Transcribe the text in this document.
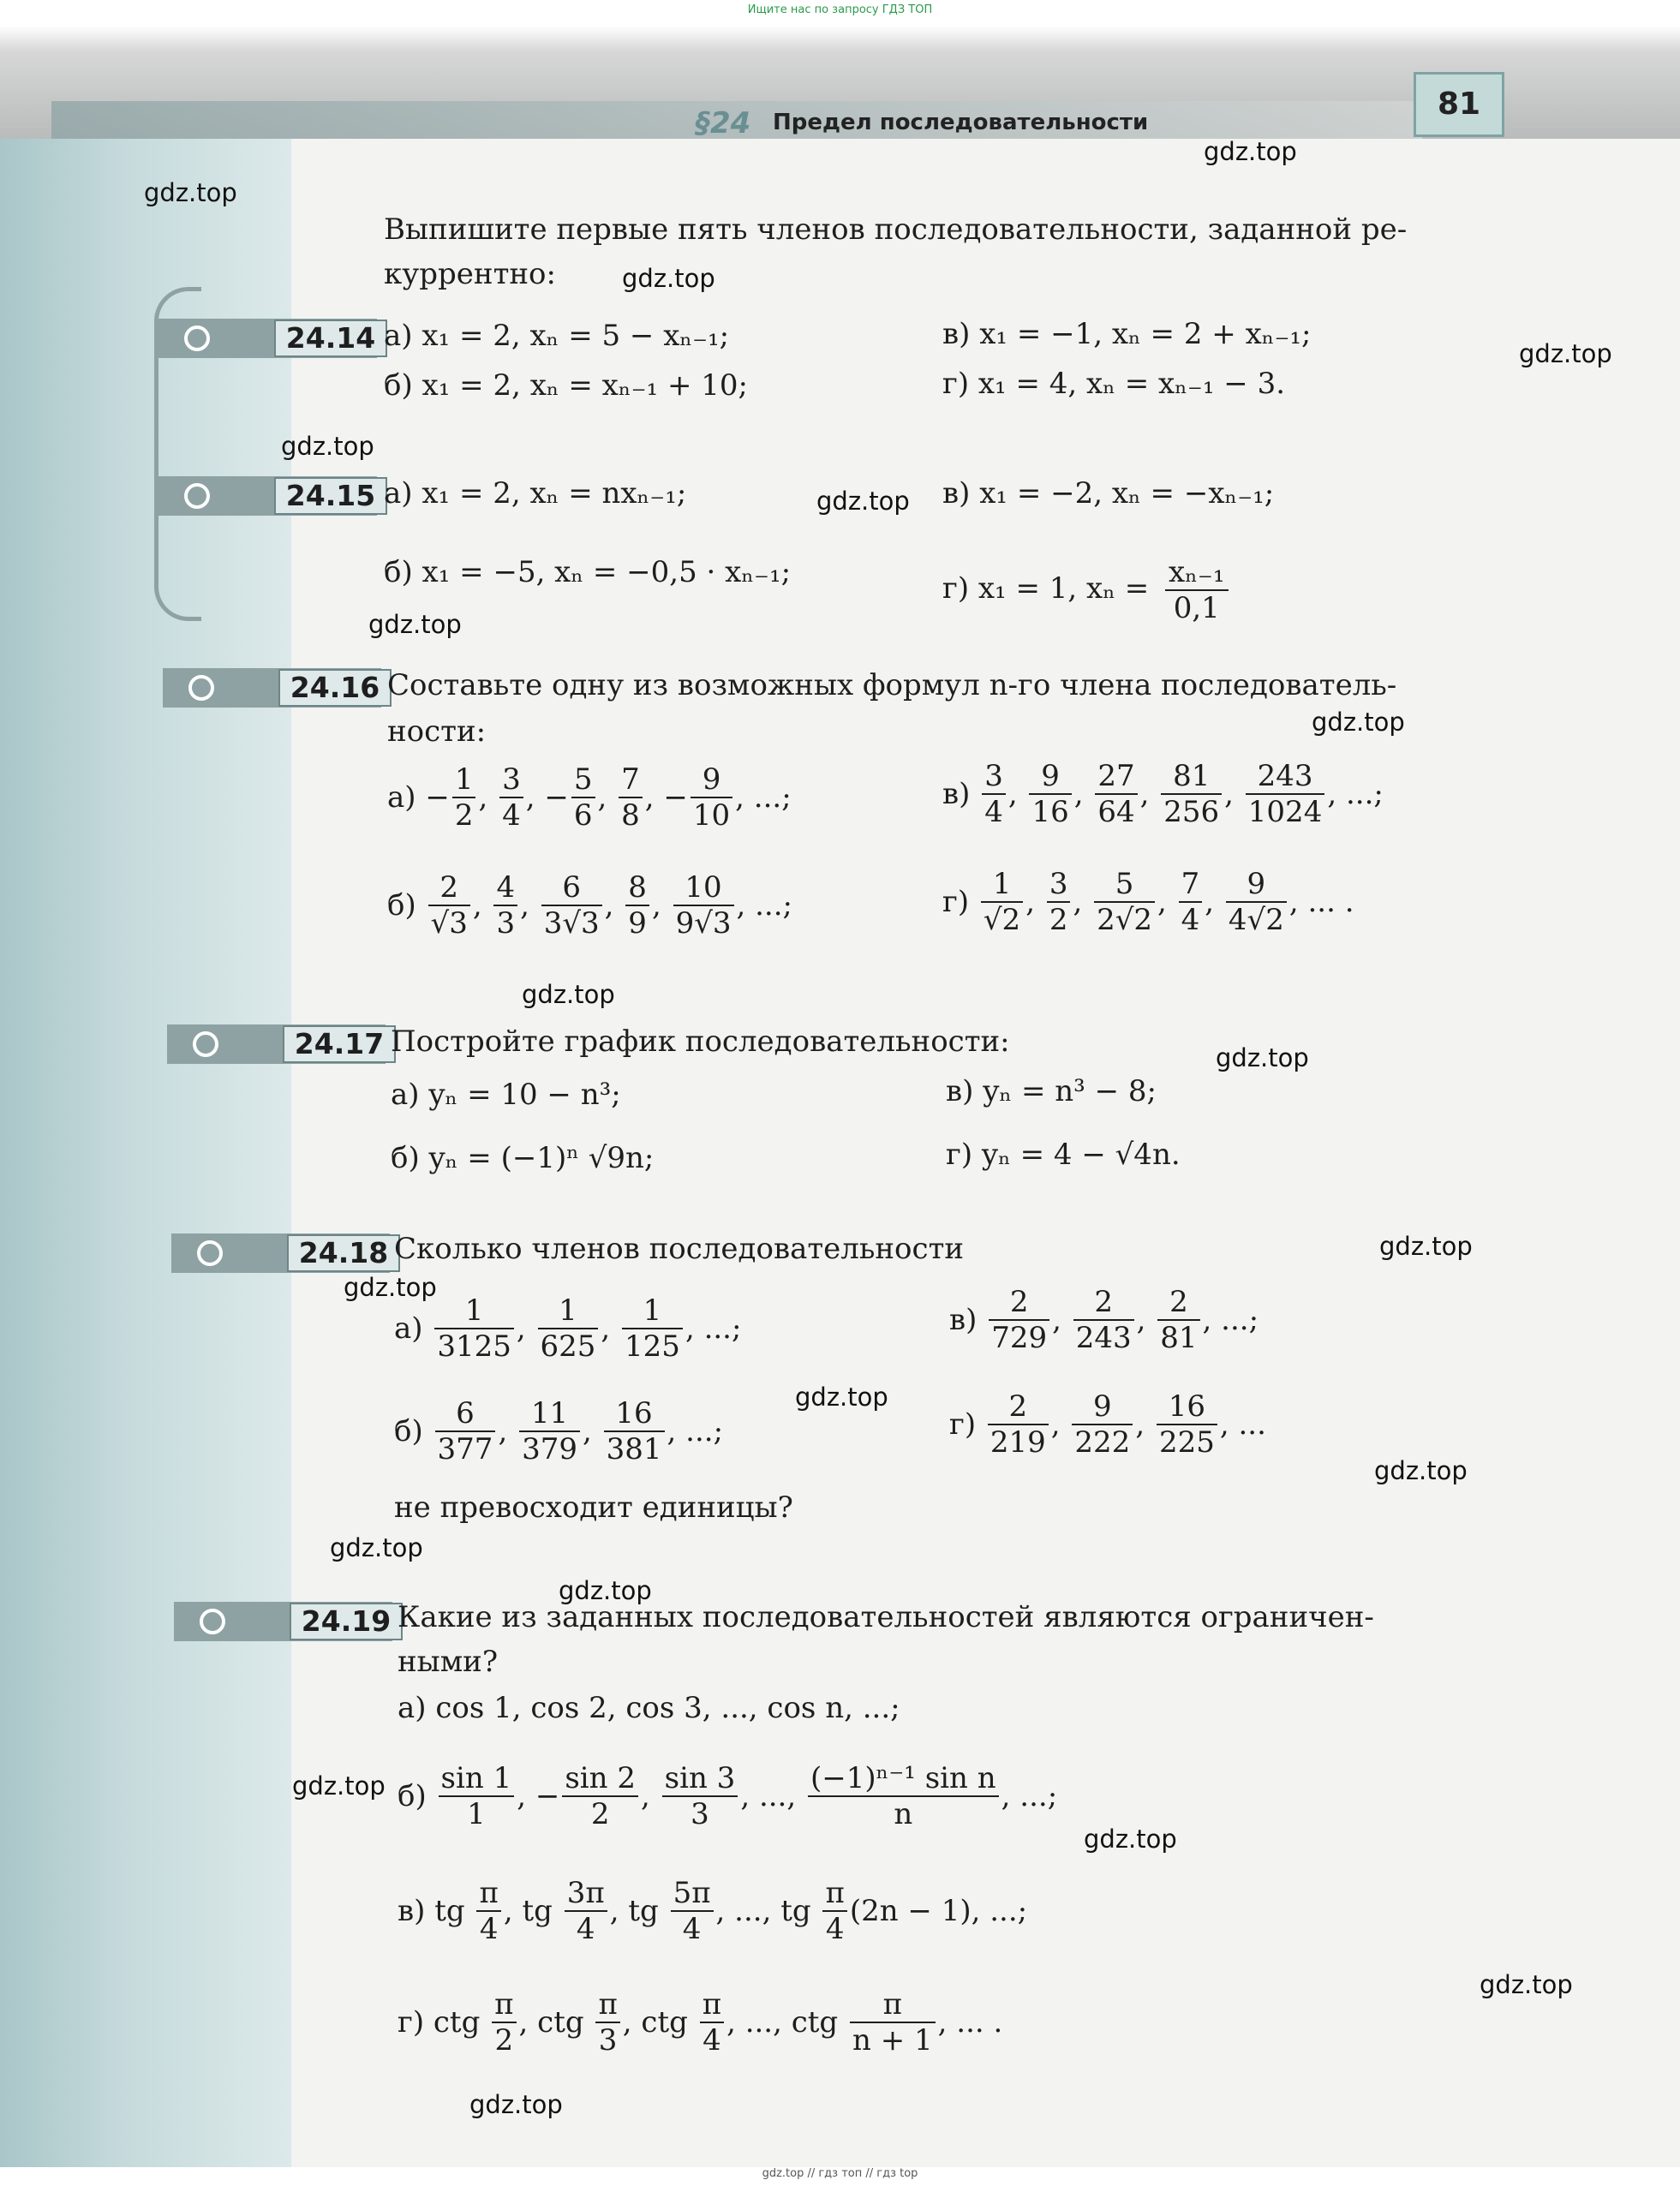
Ищите нас по запросу ГДЗ ТОП
§24 Предел последовательности
81
gdz.top
gdz.top
gdz.top
gdz.top
gdz.top
gdz.top
gdz.top
gdz.top
gdz.top
gdz.top
gdz.top
gdz.top
gdz.top
gdz.top
gdz.top
gdz.top
gdz.top
gdz.top
gdz.top
gdz.top
Выпишите первые пять членов последовательности, заданной ре-
куррентно:
24.14 а) x₁ = 2, xₙ = 5 − xₙ₋₁;	в) x₁ = −1, xₙ = 2 + xₙ₋₁;
б) x₁ = 2, xₙ = xₙ₋₁ + 10;	г) x₁ = 4, xₙ = xₙ₋₁ − 3.
24.15 а) x₁ = 2, xₙ = nxₙ₋₁;	в) x₁ = −2, xₙ = −xₙ₋₁;
б) x₁ = −5, xₙ = −0,5 · xₙ₋₁;	г) x₁ = 1, $x_n = \frac{\text{xₙ₋₁}}{0,1}$
24.16 Составьте одну из возможных формул n-го члена последователь-
ности:
$а) - \frac{1}{2}$ , $\frac{3}{4}$ , − $\frac{5}{6}$ , $\frac{7}{8}$ , − $\frac{9}{10}$ , ...;	$в) \frac{3}{4}$ , $\frac{9}{16}$ , $\frac{27}{64}$ , $\frac{81}{256}$ , $\frac{243}{1024}$ , ...;
$б) \frac{2}{√3}$ , $\frac{4}{3}$ , $\frac{6}{3√3}$ , $\frac{8}{9}$ , $\frac{10}{9√3}$ , ...;	$г) \frac{1}{√2}$ , $\frac{3}{2}$ , $\frac{5}{2√2}$ , $\frac{7}{4}$ , $\frac{9}{4√2}$ , ... .
24.17 Постройте график последовательности:
а) yₙ = 10 − n³;	в) yₙ = n³ − 8;
б) yₙ = (−1)ⁿ √9n;	г) yₙ = 4 − √4n.
24.18 Сколько членов последовательности
$а) \frac{1}{3125}$ , $\frac{1}{625}$ , $\frac{1}{125}$ , ...;	$в) \frac{2}{729}$ , $\frac{2}{243}$ , $\frac{2}{81}$ , ...;
$б) \frac{6}{377}$ , $\frac{11}{379}$ , $\frac{16}{381}$ , ...;	$г) \frac{2}{219}$ , $\frac{9}{222}$ , $\frac{16}{225}$ , ...
не превосходит единицы?
24.19 Какие из заданных последовательностей являются ограничен-
ными?
а) cos 1, cos 2, cos 3, ..., cos n, ...;
$б) \frac{\sin 1}{1}$ , − $\frac{\sin 2}{2}$ , $\frac{\sin 3}{3}$ , ..., $\frac{\text{(−1)ⁿ⁻¹ sin n}}{n}$ , ...;
в) tg $\frac{\pi}{4}$ , tg $\frac{3\pi}{4}$ , tg $\frac{5\pi}{4}$ , ..., tg $\frac{\pi}{4} (2n - 1)$, ...;
г) ctg $\frac{\pi}{2}$ , ctg $\frac{\pi}{3}$ , ctg $\frac{\pi}{4}$ , ..., ctg $\frac{\pi}{n + 1}$ , ... .
gdz.top // гдз топ // гдз top
